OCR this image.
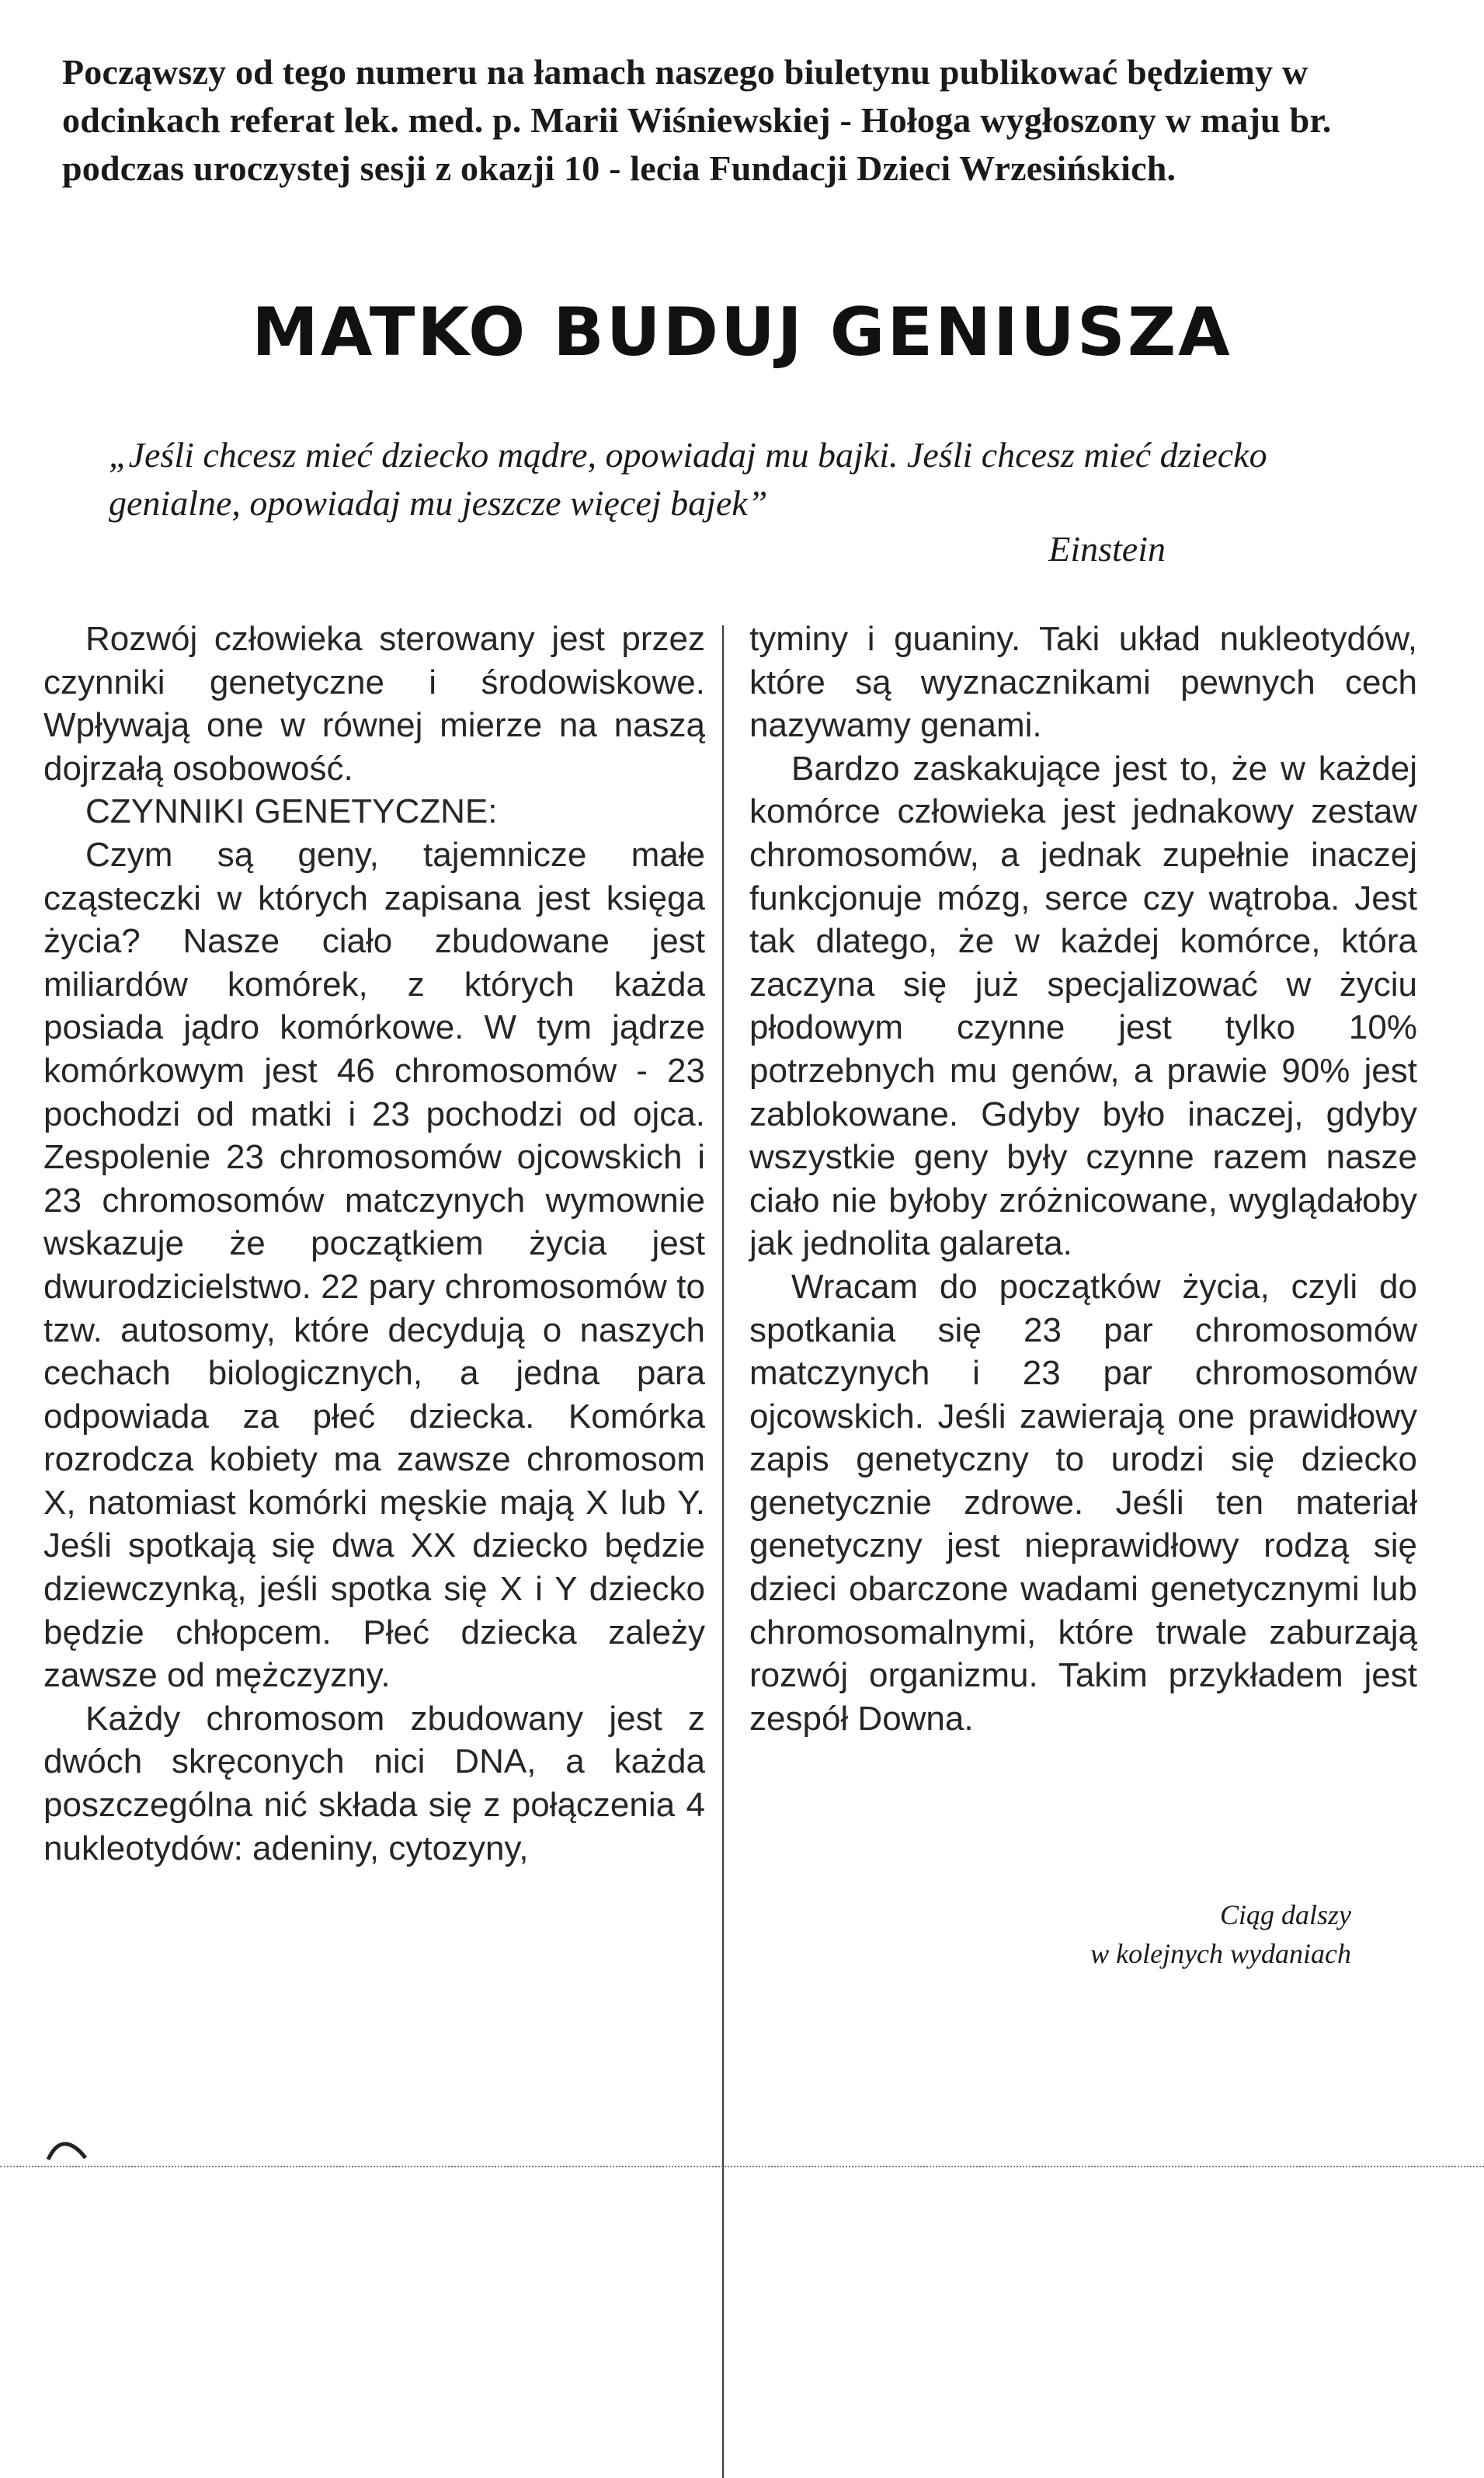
Począwszy od tego numeru na łamach naszego biuletynu publikować będziemy w odcinkach referat lek. med. p. Marii Wiśniewskiej - Hołoga wygłoszony w maju br. podczas uroczystej sesji z okazji 10 - lecia Fundacji Dzieci Wrzesińskich.

MATKO BUDUJ GENIUSZA

„Jeśli chcesz mieć dziecko mądre, opowiadaj mu bajki. Jeśli chcesz mieć dziecko genialne, opowiadaj mu jeszcze więcej bajek”

Einstein

Rozwój człowieka sterowany jest przez czynniki genetyczne i środowiskowe. Wpływają one w równej mierze na naszą dojrzałą osobowość.

CZYNNIKI GENETYCZNE:

Czym są geny, tajemnicze małe cząsteczki w których zapisana jest księga życia? Nasze ciało zbudowane jest miliardów komórek, z których każda posiada jądro komórkowe. W tym jądrze komórkowym jest 46 chromosomów - 23 pochodzi od matki i 23 pochodzi od ojca. Zespolenie 23 chromosomów ojcowskich i 23 chromosomów matczynych wymownie wskazuje że początkiem życia jest dwurodzicielstwo. 22 pary chromosomów to tzw. autosomy, które decydują o naszych cechach biologicznych, a jedna para odpowiada za płeć dziecka. Komórka rozrodcza kobiety ma zawsze chromosom X, natomiast komórki męskie mają X lub Y. Jeśli spotkają się dwa XX dziecko będzie dziewczynką, jeśli spotka się X i Y dziecko będzie chłopcem. Płeć dziecka zależy zawsze od mężczyzny.

Każdy chromosom zbudowany jest z dwóch skręconych nici DNA, a każda poszczególna nić składa się z połączenia 4 nukleotydów: adeniny, cytozyny,

tyminy i guaniny. Taki układ nukleotydów, które są wyznacznikami pewnych cech nazywamy genami.

Bardzo zaskakujące jest to, że w każdej komórce człowieka jest jednakowy zestaw chromosomów, a jednak zupełnie inaczej funkcjonuje mózg, serce czy wątroba. Jest tak dlatego, że w każdej komórce, która zaczyna się już specjalizować w życiu płodowym czynne jest tylko 10% potrzebnych mu genów, a prawie 90% jest zablokowane. Gdyby było inaczej, gdyby wszystkie geny były czynne razem nasze ciało nie byłoby zróżnicowane, wyglądałoby jak jednolita galareta.

Wracam do początków życia, czyli do spotkania się 23 par chromosomów matczynych i 23 par chromosomów ojcowskich. Jeśli zawierają one prawidłowy zapis genetyczny to urodzi się dziecko genetycznie zdrowe. Jeśli ten materiał genetyczny jest nieprawidłowy rodzą się dzieci obarczone wadami genetycznymi lub chromosomalnymi, które trwale zaburzają rozwój organizmu. Takim przykładem jest zespół Downa.

Ciąg dalszy
w kolejnych wydaniach
